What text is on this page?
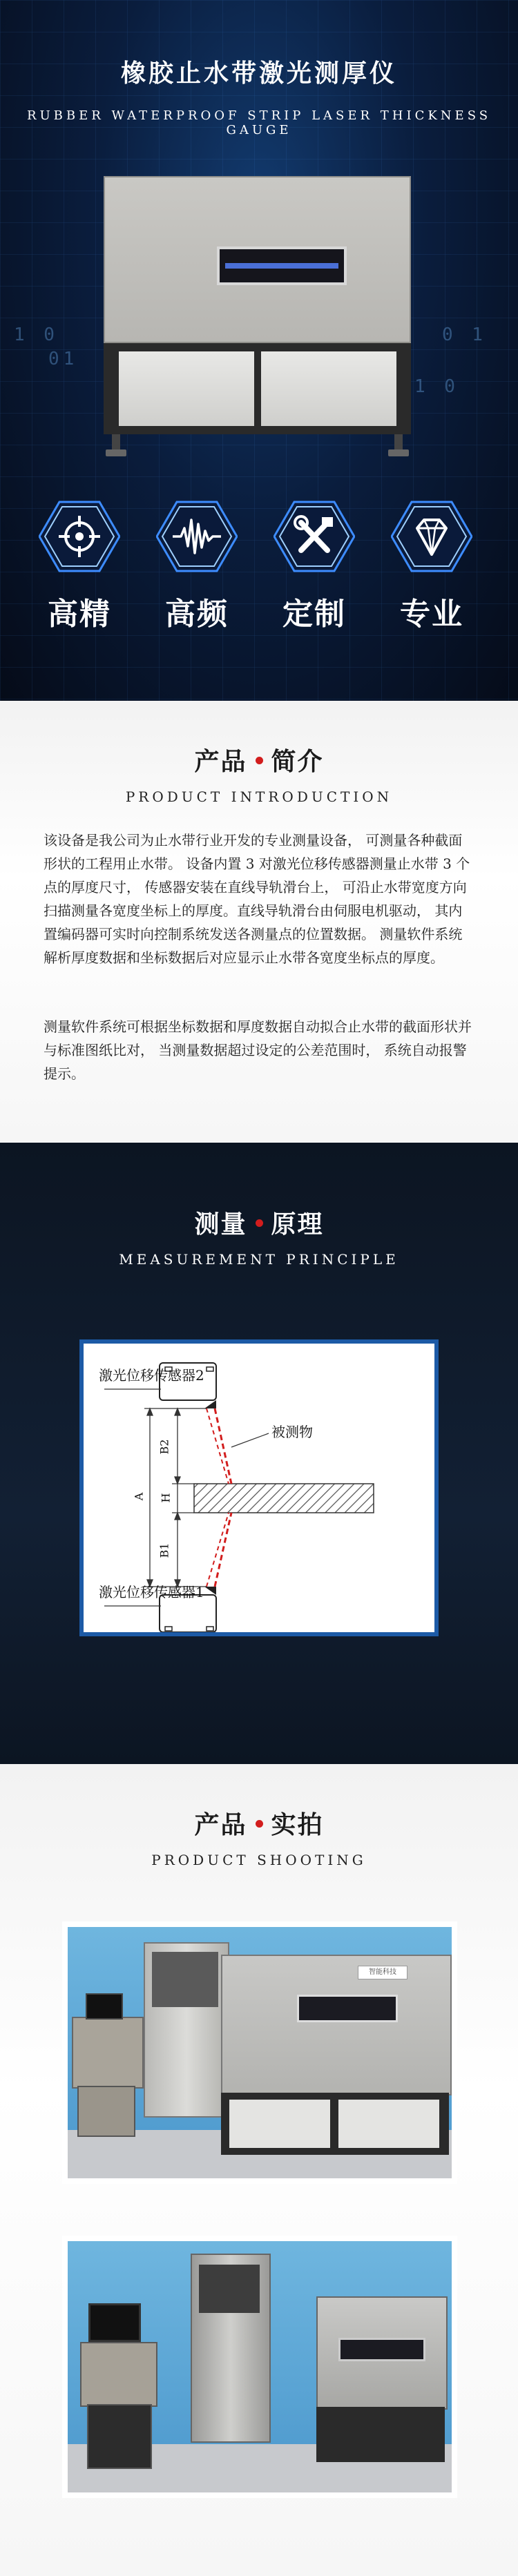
1 0	0 1
01
1 0
橡胶止水带激光测厚仪
RUBBER WATERPROOF STRIP LASER THICKNESS GAUGE
高精	高频	定制	专业
产品 简介
PRODUCT INTRODUCTION
该设备是我公司为止水带行业开发的专业测量设备， 可测量各种截面形状的工程用止水带。 设备内置 3 对激光位移传感器测量止水带 3 个点的厚度尺寸， 传感器安装在直线导轨滑台上， 可沿止水带宽度方向扫描测量各宽度坐标上的厚度。直线导轨滑台由伺服电机驱动， 其内置编码器可实时向控制系统发送各测量点的位置数据。 测量软件系统解析厚度数据和坐标数据后对应显示止水带各宽度坐标点的厚度。
测量软件系统可根据坐标数据和厚度数据自动拟合止水带的截面形状并与标准图纸比对， 当测量数据超过设定的公差范围时， 系统自动报警提示。
测量 原理
MEASUREMENT PRINCIPLE
激光位移传感器2
激光位移传感器1
被测物
A
B2
H
B1
产品 实拍
PRODUCT SHOOTING
智能科技
